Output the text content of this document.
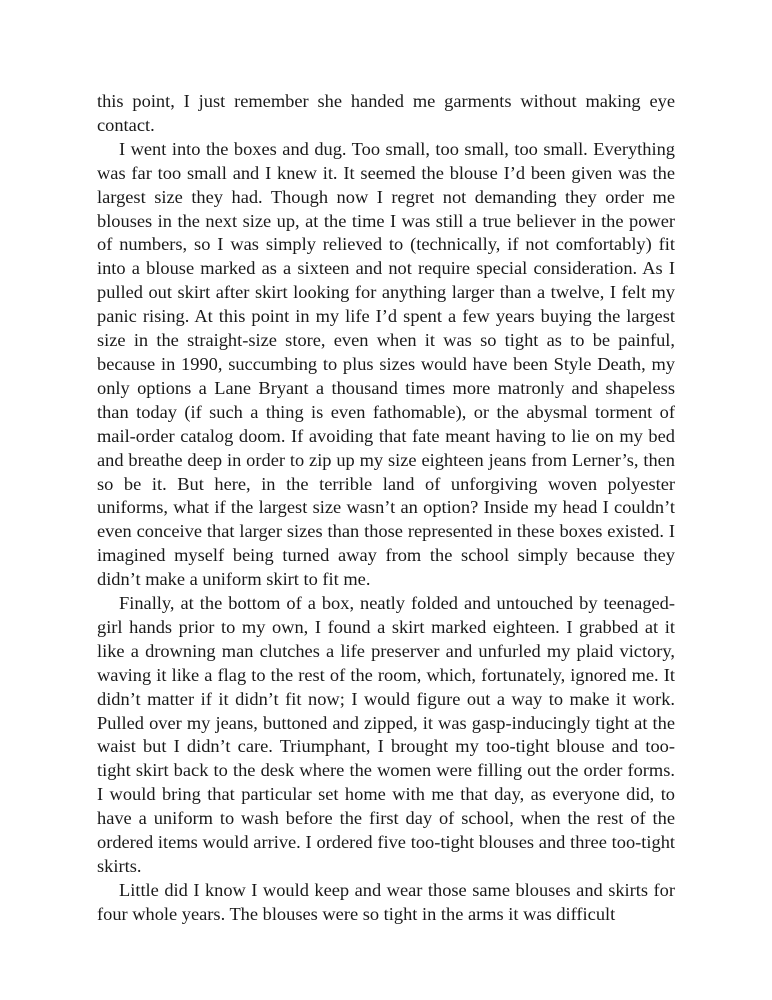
this point, I just remember she handed me garments without making eye contact.

I went into the boxes and dug. Too small, too small, too small. Everything was far too small and I knew it. It seemed the blouse I’d been given was the largest size they had. Though now I regret not demanding they order me blouses in the next size up, at the time I was still a true believer in the power of numbers, so I was simply relieved to (technically, if not comfortably) fit into a blouse marked as a sixteen and not require special consideration. As I pulled out skirt after skirt looking for anything larger than a twelve, I felt my panic rising. At this point in my life I’d spent a few years buying the largest size in the straight-size store, even when it was so tight as to be painful, because in 1990, succumbing to plus sizes would have been Style Death, my only options a Lane Bryant a thousand times more matronly and shapeless than today (if such a thing is even fathomable), or the abysmal torment of mail-order catalog doom. If avoiding that fate meant having to lie on my bed and breathe deep in order to zip up my size eighteen jeans from Lerner’s, then so be it. But here, in the terrible land of unforgiving woven polyester uniforms, what if the largest size wasn’t an option? Inside my head I couldn’t even conceive that larger sizes than those represented in these boxes existed. I imagined myself being turned away from the school simply because they didn’t make a uniform skirt to fit me.

Finally, at the bottom of a box, neatly folded and untouched by teenaged-girl hands prior to my own, I found a skirt marked eighteen. I grabbed at it like a drowning man clutches a life preserver and unfurled my plaid victory, waving it like a flag to the rest of the room, which, fortunately, ignored me. It didn’t matter if it didn’t fit now; I would figure out a way to make it work. Pulled over my jeans, buttoned and zipped, it was gasp-inducingly tight at the waist but I didn’t care. Triumphant, I brought my too-tight blouse and too-tight skirt back to the desk where the women were filling out the order forms. I would bring that particular set home with me that day, as everyone did, to have a uniform to wash before the first day of school, when the rest of the ordered items would arrive. I ordered five too-tight blouses and three too-tight skirts.

Little did I know I would keep and wear those same blouses and skirts for four whole years. The blouses were so tight in the arms it was difficult
